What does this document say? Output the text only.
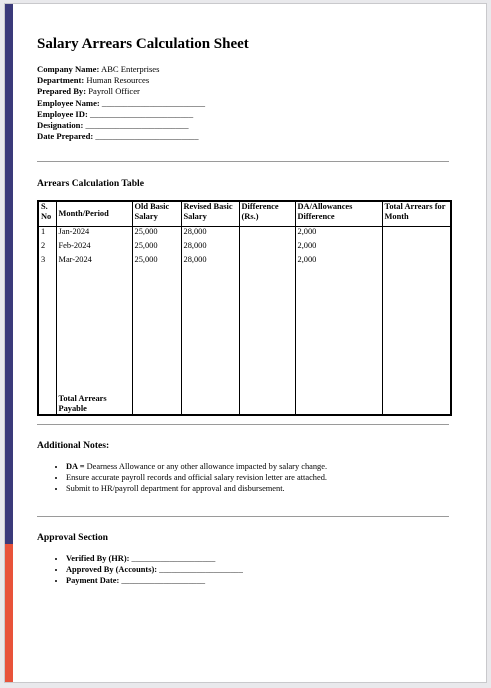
Salary Arrears Calculation Sheet
Company Name: ABC Enterprises
Department: Human Resources
Prepared By: Payroll Officer
Employee Name: ________________________
Employee ID: ________________________
Designation: ________________________
Date Prepared: ________________________
Arrears Calculation Table
S. No	Month/Period	Old Basic Salary	Revised Basic Salary	Difference (Rs.)	DA/Allowances Difference	Total Arrears for Month
1	Jan-2024	25,000	28,000		2,000	
2	Feb-2024	25,000	28,000		2,000	
3	Mar-2024	25,000	28,000		2,000	

	Total Arrears Payable					
Additional Notes:
• DA = Dearness Allowance or any other allowance impacted by salary change.
• Ensure accurate payroll records and official salary revision letter are attached.
• Submit to HR/payroll department for approval and disbursement.
Approval Section
• Verified By (HR): ____________________
• Approved By (Accounts): ____________________
• Payment Date: ____________________
